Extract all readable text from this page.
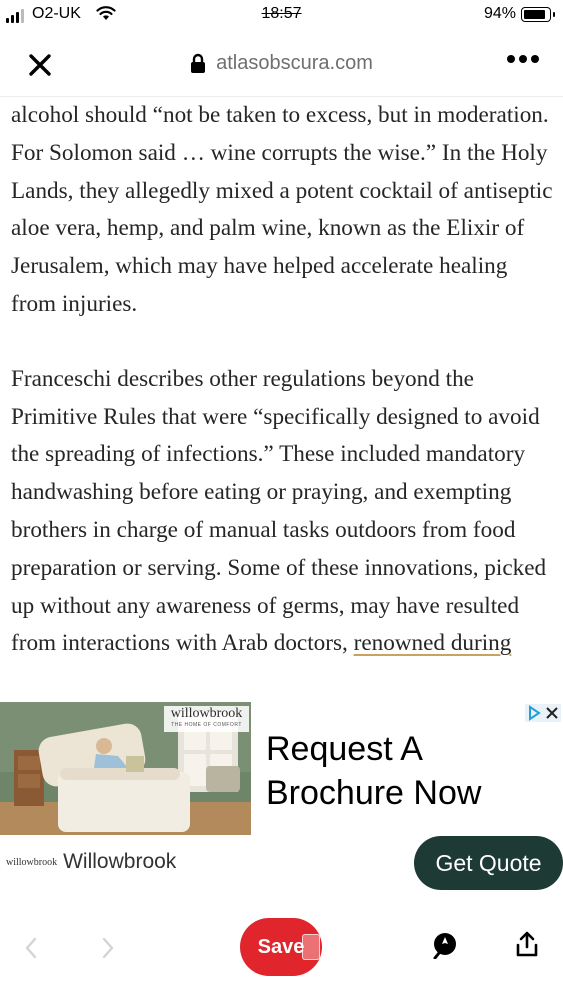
O2-UK	18:57	94%
atlasobscura.com

alcohol should “not be taken to excess, but in moderation. For Solomon said … wine corrupts the wise.” In the Holy Lands, they allegedly mixed a potent cocktail of antiseptic aloe vera, hemp, and palm wine, known as the Elixir of Jerusalem, which may have helped accelerate healing from injuries.

Franceschi describes other regulations beyond the Primitive Rules that were “specifically designed to avoid the spreading of infections.” These included mandatory handwashing before eating or praying, and exempting brothers in charge of manual tasks outdoors from food preparation or serving. Some of these innovations, picked up without any awareness of germs, may have resulted from interactions with Arab doctors, renowned during

willowbrook
THE HOME OF COMFORT
Request A
Brochure Now
willowbrook Willowbrook	Get Quote
Save
